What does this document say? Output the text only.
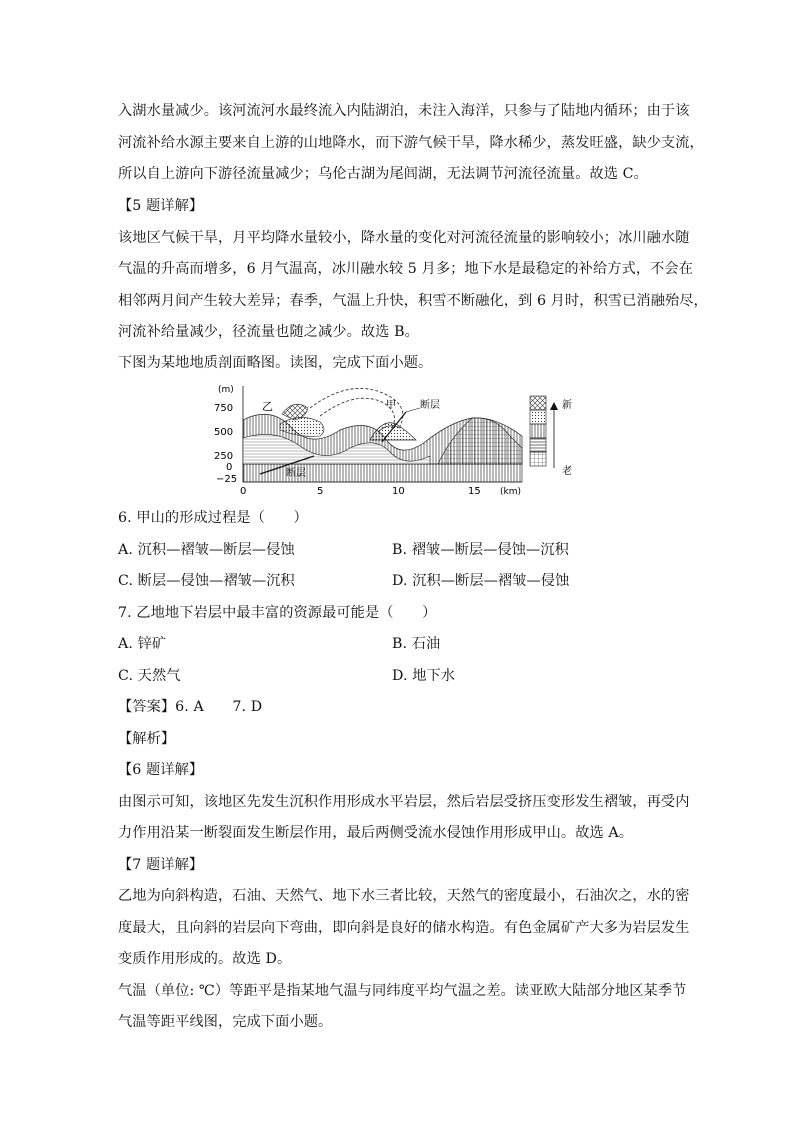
入湖水量减少。该河流河水最终流入内陆湖泊，未注入海洋，只参与了陆地内循环；由于该
河流补给水源主要来自上游的山地降水，而下游气候干旱，降水稀少，蒸发旺盛，缺少支流，
所以自上游向下游径流量减少；乌伦古湖为尾闾湖，无法调节河流径流量。故选 C。
【5 题详解】
该地区气候干旱，月平均降水量较小，降水量的变化对河流径流量的影响较小；冰川融水随
气温的升高而增多，6 月气温高，冰川融水较 5 月多；地下水是最稳定的补给方式，不会在
相邻两月间产生较大差异；春季，气温上升快，积雪不断融化，到 6 月时，积雪已消融殆尽，
河流补给量减少，径流量也随之减少。故选 B。
下图为某地地质剖面略图。读图，完成下面小题。
(m)
750
500
250
0
−25
乙	甲 断层
断层
0	5	10	15 (km)
新
老
6. 甲山的形成过程是（　　）
A. 沉积—褶皱—断层—侵蚀	B. 褶皱—断层—侵蚀—沉积
C. 断层—侵蚀—褶皱—沉积	D. 沉积—断层—褶皱—侵蚀
7. 乙地地下岩层中最丰富的资源最可能是（　　）
A. 锌矿	B. 石油
C. 天然气	D. 地下水
【答案】6. A　　7. D
【解析】
【6 题详解】
由图示可知，该地区先发生沉积作用形成水平岩层，然后岩层受挤压变形发生褶皱，再受内
力作用沿某一断裂面发生断层作用，最后两侧受流水侵蚀作用形成甲山。故选 A。
【7 题详解】
乙地为向斜构造，石油、天然气、地下水三者比较，天然气的密度最小，石油次之，水的密
度最大，且向斜的岩层向下弯曲，即向斜是良好的储水构造。有色金属矿产大多为岩层发生
变质作用形成的。故选 D。
气温（单位: ℃）等距平是指某地气温与同纬度平均气温之差。读亚欧大陆部分地区某季节
气温等距平线图，完成下面小题。
